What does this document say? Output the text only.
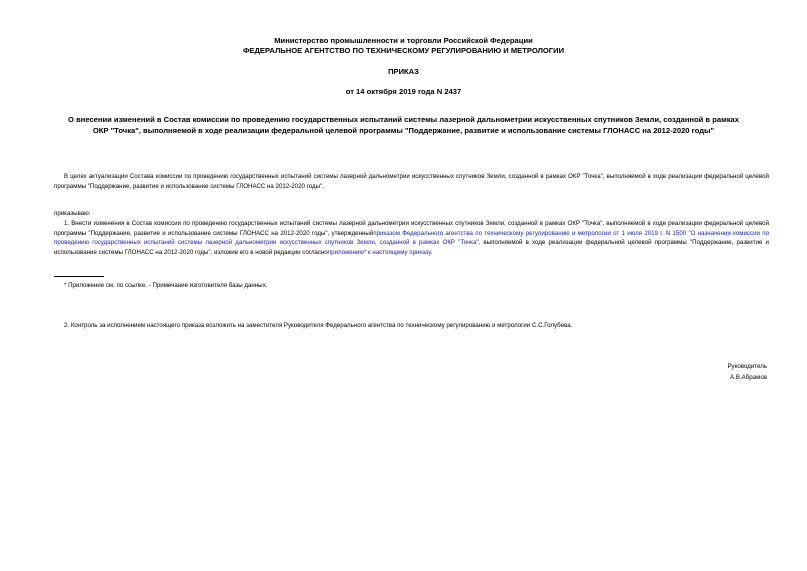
Министерство промышленности и торговли Российской Федерации
ФЕДЕРАЛЬНОЕ АГЕНТСТВО ПО ТЕХНИЧЕСКОМУ РЕГУЛИРОВАНИЮ И МЕТРОЛОГИИ
ПРИКАЗ
от 14 октября 2019 года N 2437
О внесении изменений в Состав комиссии по проведению государственных испытаний системы лазерной дальнометрии искусственных спутников Земли, созданной в рамках ОКР "Точка", выполняемой в ходе реализации федеральной целевой программы "Поддержание, развитие и использование системы ГЛОНАСС на 2012-2020 годы"
В целях актуализации Состава комиссии по проведению государственных испытаний системы лазерной дальнометрии искусственных спутников Земли, созданной в рамках ОКР "Точка", выполняемой в ходе реализации федеральной целевой программы "Поддержание, развитие и использование системы ГЛОНАСС на 2012-2020 годы",
приказываю:
1. Внести изменения в Состав комиссии по проведению государственных испытаний системы лазерной дальнометрии искусственных спутников Земли, созданной в рамках ОКР "Точка", выполняемой в ходе реализации федеральной целевой программы "Поддержание, развитие и использование системы ГЛОНАСС на 2012-2020 годы", утвержденныйприказом Федерального агентства по техническому регулированию и метрологии от 1 июля 2019 г. N 1500 "О назначении комиссии по проведению государственных испытаний системы лазерной дальнометрии искусственных спутников Земли, созданной в рамках ОКР "Точка", выполняемой в ходе реализации федеральной целевой программы "Поддержание, развитие и использование системы ГЛОНАСС на 2012-2020 годы", изложив его в новой редакции согласноприложению* к настоящему приказу.
* Приложение см. по ссылке. - Примечание изготовителя базы данных.
2. Контроль за исполнением настоящего приказа возложить на заместителя Руководителя Федерального агентства по техническому регулированию и метрологии С.С.Голубева.
Руководитель
А.В.Абрамов
